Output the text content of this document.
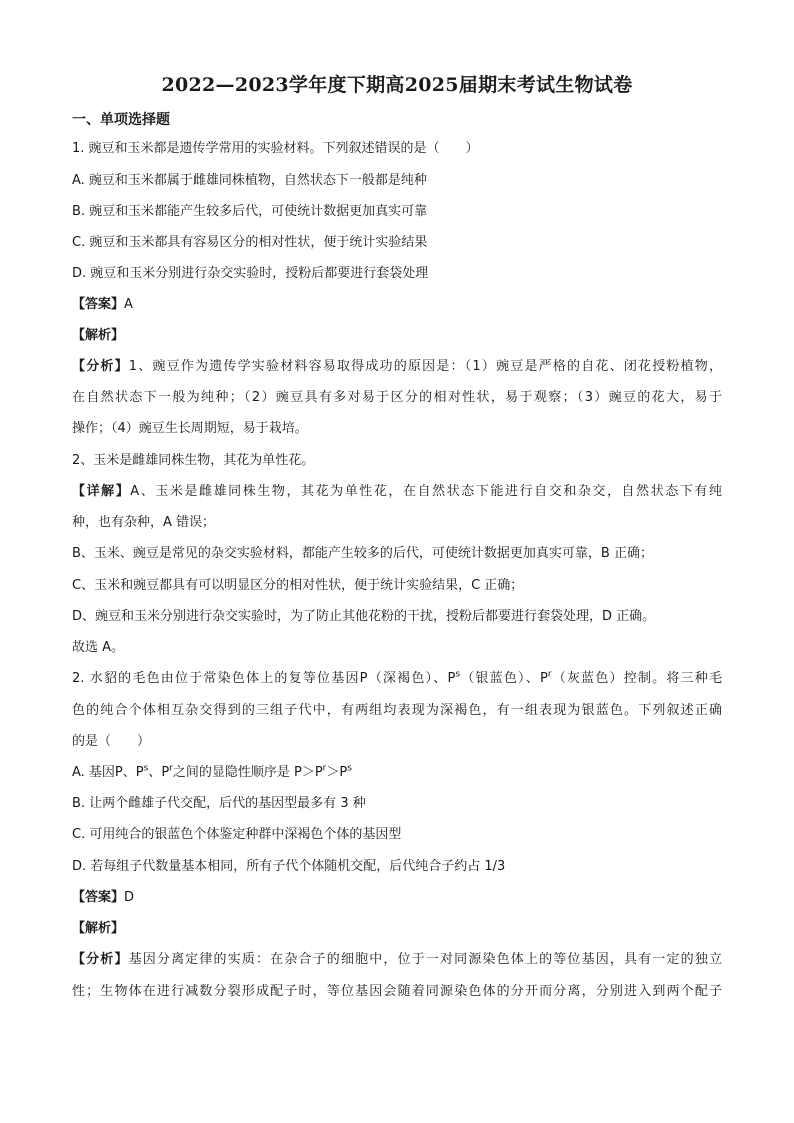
2022—2023学年度下期高2025届期末考试生物试卷
一、单项选择题
1. 豌豆和玉米都是遗传学常用的实验材料。下列叙述错误的是（　　）
A. 豌豆和玉米都属于雌雄同株植物，自然状态下一般都是纯种
B. 豌豆和玉米都能产生较多后代，可使统计数据更加真实可靠
C. 豌豆和玉米都具有容易区分的相对性状，便于统计实验结果
D. 豌豆和玉米分别进行杂交实验时，授粉后都要进行套袋处理
【答案】A
【解析】
【分析】1、豌豆作为遗传学实验材料容易取得成功的原因是：（1）豌豆是严格的自花、闭花授粉植物，
在自然状态下一般为纯种；（2）豌豆具有多对易于区分的相对性状，易于观察；（3）豌豆的花大，易于
操作；（4）豌豆生长周期短，易于栽培。
2、玉米是雌雄同株生物，其花为单性花。
【详解】A、玉米是雌雄同株生物，其花为单性花，在自然状态下能进行自交和杂交，自然状态下有纯
种，也有杂种，A 错误；
B、玉米、豌豆是常见的杂交实验材料，都能产生较多的后代，可使统计数据更加真实可靠，B 正确；
C、玉米和豌豆都具有可以明显区分的相对性状，便于统计实验结果，C 正确；
D、豌豆和玉米分别进行杂交实验时，为了防止其他花粉的干扰，授粉后都要进行套袋处理，D 正确。
故选 A。
2. 水貂的毛色由位于常染色体上的复等位基因P（深褐色）、$P^s$（银蓝色）、$P^r$（灰蓝色）控制。将三种毛
色的纯合个体相互杂交得到的三组子代中，有两组均表现为深褐色，有一组表现为银蓝色。下列叙述正确
的是（　　）
A. 基因P、$P^s$、$P^r$之间的显隐性顺序是 $P>P^r>P^s$
B. 让两个雌雄子代交配，后代的基因型最多有 3 种
C. 可用纯合的银蓝色个体鉴定种群中深褐色个体的基因型
D. 若每组子代数量基本相同，所有子代个体随机交配，后代纯合子约占 1/3
【答案】D
【解析】
【分析】基因分离定律的实质：在杂合子的细胞中，位于一对同源染色体上的等位基因，具有一定的独立
性；生物体在进行减数分裂形成配子时，等位基因会随着同源染色体的分开而分离，分别进入到两个配子
